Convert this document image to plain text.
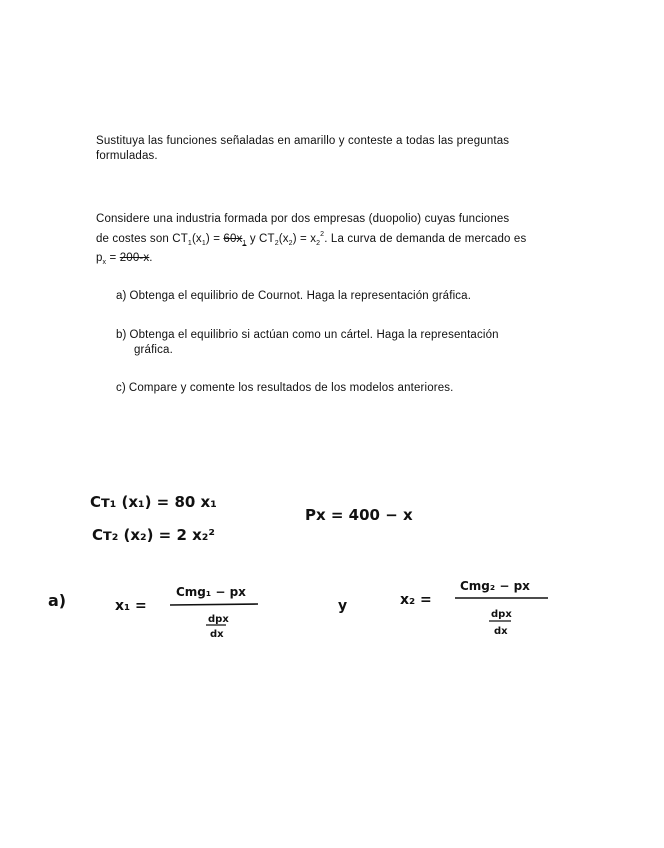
Sustituya las funciones señaladas en amarillo y conteste a todas las preguntas
formuladas.
Considere una industria formada por dos empresas (duopolio) cuyas funciones
de costes son $CT_1(x_1) = 60x_1$ y $CT_2(x_2) = x_2^2$. La curva de demanda de mercado es
$p_x = 200-x$.
a) Obtenga el equilibrio de Cournot. Haga la representación gráfica.
b) Obtenga el equilibrio si actúan como un cártel. Haga la representación
gráfica.
c) Compare y comente los resultados de los modelos anteriores.
Cᴛ₁ (x₁) = 80 x₁
Cᴛ₂ (x₂) = 2 x₂²
Px = 400 − x
a)	x₁ =
Cmg₁ − px
dpx
dx
y	x₂ =
Cmg₂ − px
dpx
dx
